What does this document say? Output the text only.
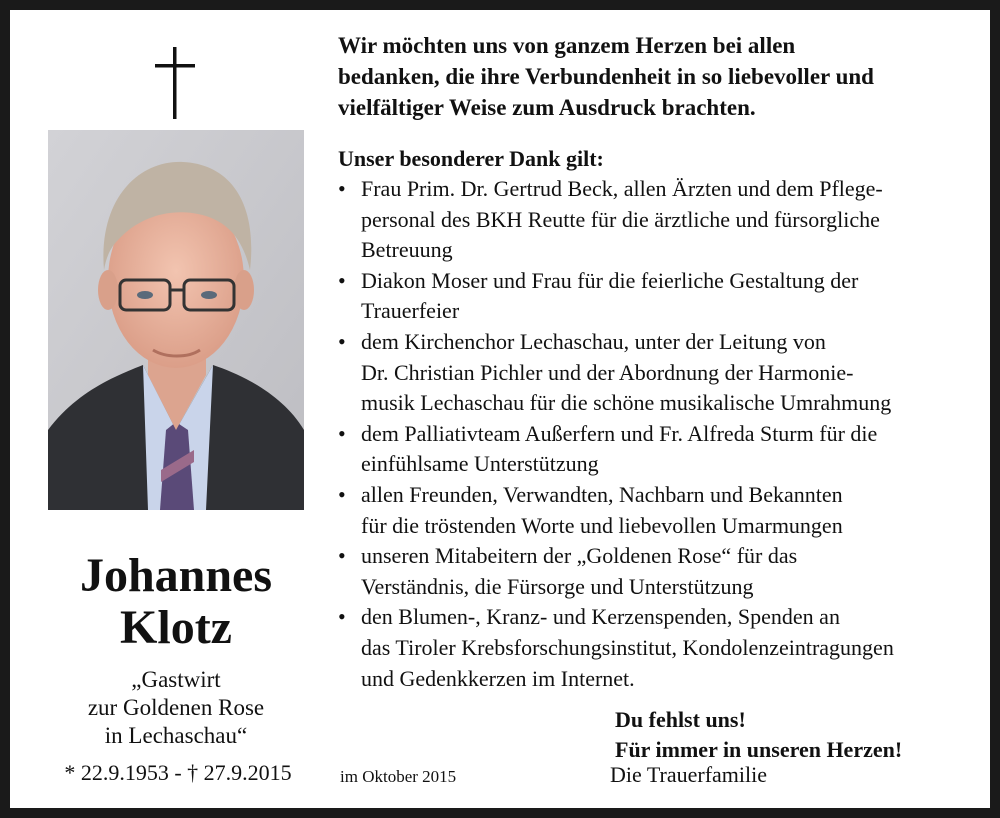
Johannes
Klotz
„Gastwirt
zur Goldenen Rose
in Lechaschau“
* 22.9.1953 - † 27.9.2015
Wir möchten uns von ganzem Herzen bei allen
bedanken, die ihre Verbundenheit in so liebevoller und
vielfältiger Weise zum Ausdruck brachten.
Unser besonderer Dank gilt:
• Frau Prim. Dr. Gertrud Beck, allen Ärzten und dem Pflege-
personal des BKH Reutte für die ärztliche und fürsorgliche
Betreuung
• Diakon Moser und Frau für die feierliche Gestaltung der
Trauerfeier
• dem Kirchenchor Lechaschau, unter der Leitung von
Dr. Christian Pichler und der Abordnung der Harmonie-
musik Lechaschau für die schöne musikalische Umrahmung
• dem Palliativteam Außerfern und Fr. Alfreda Sturm für die
einfühlsame Unterstützung
• allen Freunden, Verwandten, Nachbarn und Bekannten
für die tröstenden Worte und liebevollen Umarmungen
• unseren Mitabeitern der „Goldenen Rose“ für das
Verständnis, die Fürsorge und Unterstützung
• den Blumen-, Kranz- und Kerzenspenden, Spenden an
das Tiroler Krebsforschungsinstitut, Kondolenzeintragungen
und Gedenkkerzen im Internet.
Du fehlst uns!
Für immer in unseren Herzen!
Die Trauerfamilie
im Oktober 2015
